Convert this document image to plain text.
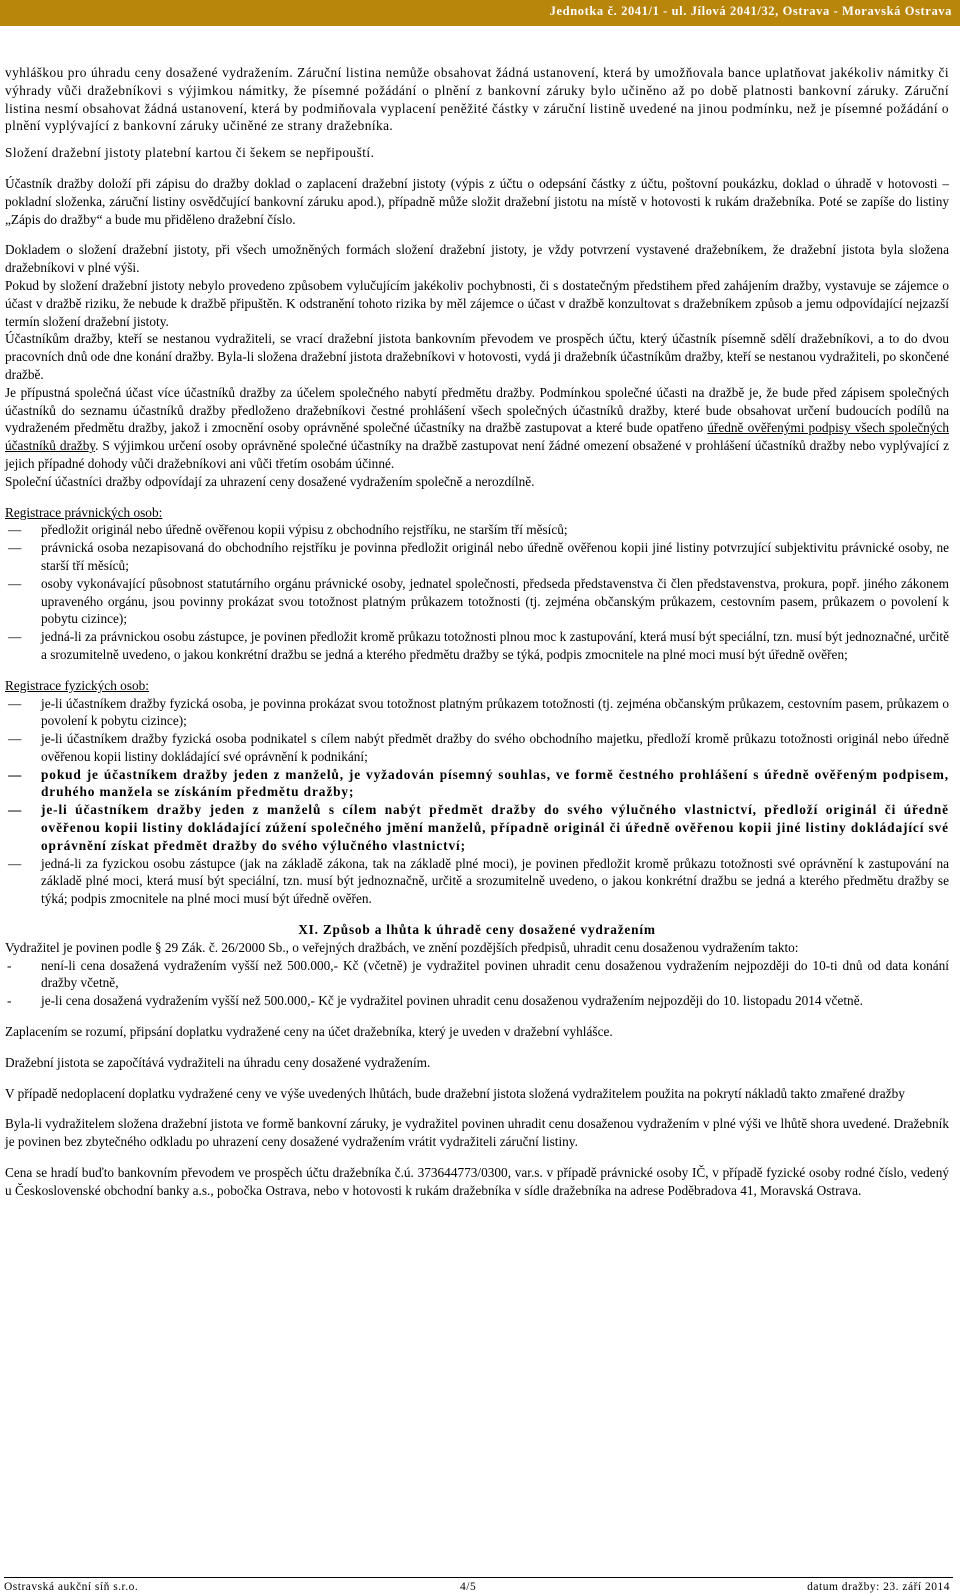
Jednotka č. 2041/1 - ul. Jílová 2041/32, Ostrava - Moravská Ostrava

vyhláškou pro úhradu ceny dosažené vydražením. Záruční listina nemůže obsahovat žádná ustanovení, která by umožňovala bance uplatňovat jakékoliv námitky či výhrady vůči dražebníkovi s výjimkou námitky, že písemné požádání o plnění z bankovní záruky bylo učiněno až po době platnosti bankovní záruky. Záruční listina nesmí obsahovat žádná ustanovení, která by podmiňovala vyplacení peněžité částky v záruční listině uvedené na jinou podmínku, než je písemné požádání o plnění vyplývající z bankovní záruky učiněné ze strany dražebníka.

Složení dražební jistoty platební kartou či šekem se nepřipouští.

Účastník dražby doloží při zápisu do dražby doklad o zaplacení dražební jistoty (výpis z účtu o odepsání částky z účtu, poštovní poukázku, doklad o úhradě v hotovosti – pokladní složenka, záruční listiny osvědčující bankovní záruku apod.), případně může složit dražební jistotu na místě v hotovosti k rukám dražebníka. Poté se zapíše do listiny „Zápis do dražby“ a bude mu přiděleno dražební číslo.

Dokladem o složení dražební jistoty, při všech umožněných formách složení dražební jistoty, je vždy potvrzení vystavené dražebníkem, že dražební jistota byla složena dražebníkovi v plné výši.

Pokud by složení dražební jistoty nebylo provedeno způsobem vylučujícím jakékoliv pochybnosti, či s dostatečným předstihem před zahájením dražby, vystavuje se zájemce o účast v dražbě riziku, že nebude k dražbě připuštěn. K odstranění tohoto rizika by měl zájemce o účast v dražbě konzultovat s dražebníkem způsob a jemu odpovídající nejzazší termín složení dražební jistoty.

Účastníkům dražby, kteří se nestanou vydražiteli, se vrací dražební jistota bankovním převodem ve prospěch účtu, který účastník písemně sdělí dražebníkovi, a to do dvou pracovních dnů ode dne konání dražby. Byla-li složena dražební jistota dražebníkovi v hotovosti, vydá ji dražebník účastníkům dražby, kteří se nestanou vydražiteli, po skončené dražbě.

Je přípustná společná účast více účastníků dražby za účelem společného nabytí předmětu dražby. Podmínkou společné účasti na dražbě je, že bude před zápisem společných účastníků do seznamu účastníků dražby předloženo dražebníkovi čestné prohlášení všech společných účastníků dražby, které bude obsahovat určení budoucích podílů na vydraženém předmětu dražby, jakož i zmocnění osoby oprávněné společné účastníky na dražbě zastupovat a které bude opatřeno úředně ověřenými podpisy všech společných účastníků dražby. S výjimkou určení osoby oprávněné společné účastníky na dražbě zastupovat není žádné omezení obsažené v prohlášení účastníků dražby nebo vyplývající z jejich případné dohody vůči dražebníkovi ani vůči třetím osobám účinné.

Společní účastníci dražby odpovídají za uhrazení ceny dosažené vydražením společně a nerozdílně.

Registrace právnických osob:

— předložit originál nebo úředně ověřenou kopii výpisu z obchodního rejstříku, ne starším tří měsíců;
— právnická osoba nezapisovaná do obchodního rejstříku je povinna předložit originál nebo úředně ověřenou kopii jiné listiny potvrzující subjektivitu právnické osoby, ne starší tří měsíců;
— osoby vykonávající působnost statutárního orgánu právnické osoby, jednatel společnosti, předseda představenstva či člen představenstva, prokura, popř. jiného zákonem upraveného orgánu, jsou povinny prokázat svou totožnost platným průkazem totožnosti (tj. zejména občanským průkazem, cestovním pasem, průkazem o povolení k pobytu cizince);
— jedná-li za právnickou osobu zástupce, je povinen předložit kromě průkazu totožnosti plnou moc k zastupování, která musí být speciální, tzn. musí být jednoznačné, určitě a srozumitelně uvedeno, o jakou konkrétní dražbu se jedná a kterého předmětu dražby se týká, podpis zmocnitele na plné moci musí být úředně ověřen;

Registrace fyzických osob:

— je-li účastníkem dražby fyzická osoba, je povinna prokázat svou totožnost platným průkazem totožnosti (tj. zejména občanským průkazem, cestovním pasem, průkazem o povolení k pobytu cizince);
— je-li účastníkem dražby fyzická osoba podnikatel s cílem nabýt předmět dražby do svého obchodního majetku, předloží kromě průkazu totožnosti originál nebo úředně ověřenou kopii listiny dokládající své oprávnění k podnikání;
— pokud je účastníkem dražby jeden z manželů, je vyžadován písemný souhlas, ve formě čestného prohlášení s úředně ověřeným podpisem, druhého manžela se získáním předmětu dražby;
— je-li účastníkem dražby jeden z manželů s cílem nabýt předmět dražby do svého výlučného vlastnictví, předloží originál či úředně ověřenou kopii listiny dokládající zúžení společného jmění manželů, případně originál či úředně ověřenou kopii jiné listiny dokládající své oprávnění získat předmět dražby do svého výlučného vlastnictví;
— jedná-li za fyzickou osobu zástupce (jak na základě zákona, tak na základě plné moci), je povinen předložit kromě průkazu totožnosti své oprávnění k zastupování na základě plné moci, která musí být speciální, tzn. musí být jednoznačně, určitě a srozumitelně uvedeno, o jakou konkrétní dražbu se jedná a kterého předmětu dražby se týká; podpis zmocnitele na plné moci musí být úředně ověřen.

XI. Způsob a lhůta k úhradě ceny dosažené vydražením

Vydražitel je povinen podle § 29 Zák. č. 26/2000 Sb., o veřejných dražbách, ve znění pozdějších předpisů, uhradit cenu dosaženou vydražením takto:

- není-li cena dosažená vydražením vyšší než 500.000,- Kč (včetně) je vydražitel povinen uhradit cenu dosaženou vydražením nejpozději do 10-ti dnů od data konání dražby včetně,
- je-li cena dosažená vydražením vyšší než 500.000,- Kč je vydražitel povinen uhradit cenu dosaženou vydražením nejpozději do 10. listopadu 2014 včetně.

Zaplacením se rozumí, připsání doplatku vydražené ceny na účet dražebníka, který je uveden v dražební vyhlášce.

Dražební jistota se započítává vydražiteli na úhradu ceny dosažené vydražením.

V případě nedoplacení doplatku vydražené ceny ve výše uvedených lhůtách, bude dražební jistota složená vydražitelem použita na pokrytí nákladů takto zmařené dražby

Byla-li vydražitelem složena dražební jistota ve formě bankovní záruky, je vydražitel povinen uhradit cenu dosaženou vydražením v plné výši ve lhůtě shora uvedené. Dražebník je povinen bez zbytečného odkladu po uhrazení ceny dosažené vydražením vrátit vydražiteli záruční listiny.

Cena se hradí buďto bankovním převodem ve prospěch účtu dražebníka č.ú. 373644773/0300, var.s. v případě právnické osoby IČ, v případě fyzické osoby rodné číslo, vedený u Československé obchodní banky a.s., pobočka Ostrava, nebo v hotovosti k rukám dražebníka v sídle dražebníka na adrese Poděbradova 41, Moravská Ostrava.

Ostravská aukční síň s.r.o.	4/5	datum dražby: 23. září 2014
